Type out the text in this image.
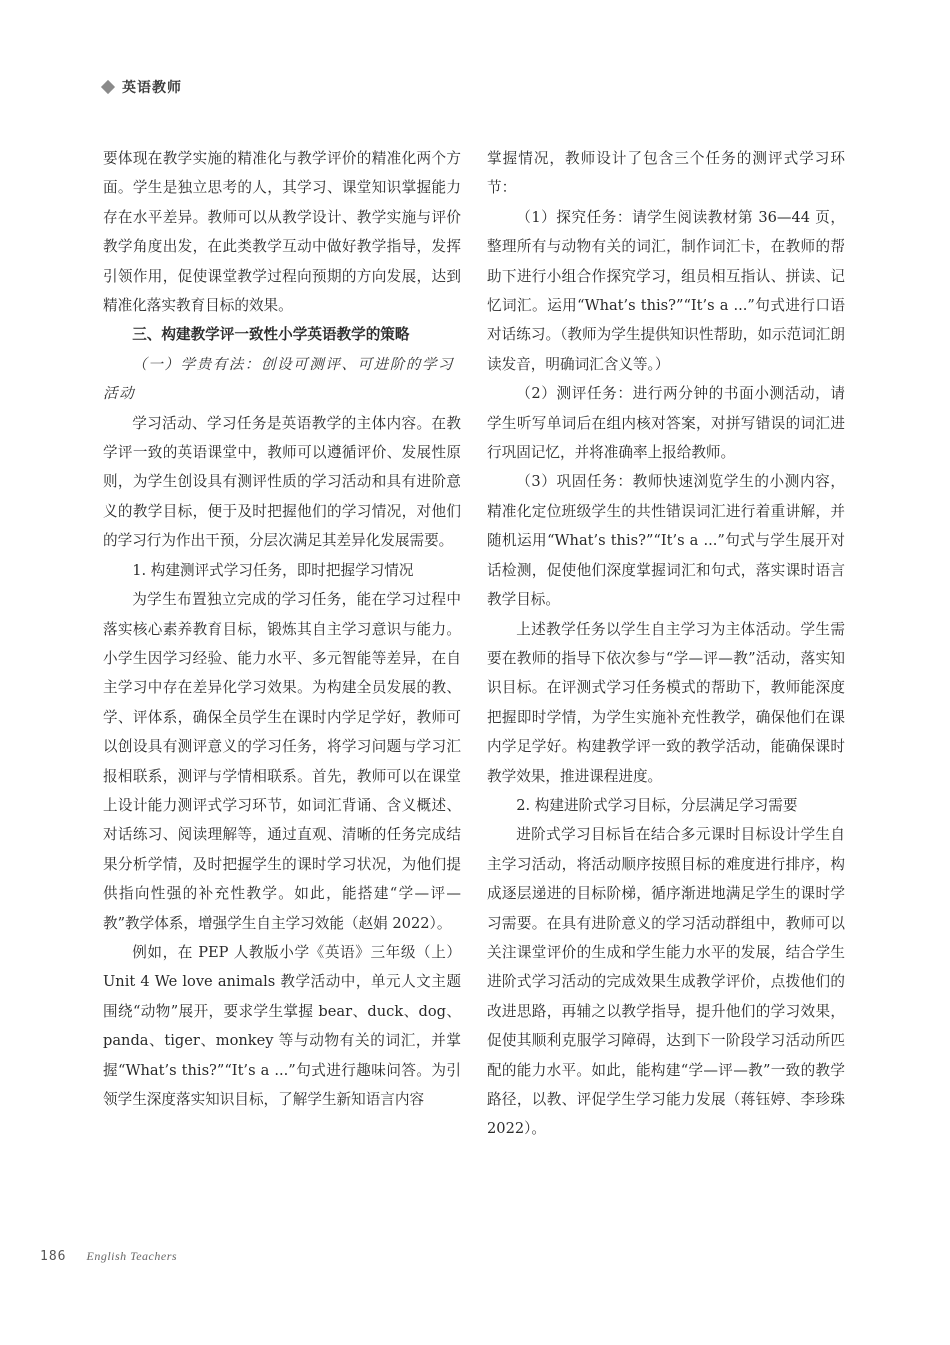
英语教师

要体现在教学实施的精准化与教学评价的精准化两个方面。学生是独立思考的人，其学习、课堂知识掌握能力存在水平差异。教师可以从教学设计、教学实施与评价教学角度出发，在此类教学互动中做好教学指导，发挥引领作用，促使课堂教学过程向预期的方向发展，达到精准化落实教育目标的效果。

三、构建教学评一致性小学英语教学的策略

（一）学贵有法：创设可测评、可进阶的学习活动

学习活动、学习任务是英语教学的主体内容。在教学评一致的英语课堂中，教师可以遵循评价、发展性原则，为学生创设具有测评性质的学习活动和具有进阶意义的教学目标，便于及时把握他们的学习情况，对他们的学习行为作出干预，分层次满足其差异化发展需要。

1. 构建测评式学习任务，即时把握学习情况

为学生布置独立完成的学习任务，能在学习过程中落实核心素养教育目标，锻炼其自主学习意识与能力。小学生因学习经验、能力水平、多元智能等差异，在自主学习中存在差异化学习效果。为构建全员发展的教、学、评体系，确保全员学生在课时内学足学好，教师可以创设具有测评意义的学习任务，将学习问题与学习汇报相联系，测评与学情相联系。首先，教师可以在课堂上设计能力测评式学习环节，如词汇背诵、含义概述、对话练习、阅读理解等，通过直观、清晰的任务完成结果分析学情，及时把握学生的课时学习状况，为他们提供指向性强的补充性教学。如此，能搭建“学—评—教”教学体系，增强学生自主学习效能（赵娟 2022）。

例如，在 PEP 人教版小学《英语》三年级（上）Unit 4 We love animals 教学活动中，单元人文主题围绕“动物”展开，要求学生掌握 bear、duck、dog、panda、tiger、monkey 等与动物有关的词汇，并掌握“What’s this?”“It’s a ...”句式进行趣味问答。为引领学生深度落实知识目标，了解学生新知语言内容

掌握情况，教师设计了包含三个任务的测评式学习环节：

（1）探究任务：请学生阅读教材第 36—44 页，整理所有与动物有关的词汇，制作词汇卡，在教师的帮助下进行小组合作探究学习，组员相互指认、拼读、记忆词汇。运用“What’s this?”“It’s a ...”句式进行口语对话练习。（教师为学生提供知识性帮助，如示范词汇朗读发音，明确词汇含义等。）

（2）测评任务：进行两分钟的书面小测活动，请学生听写单词后在组内核对答案，对拼写错误的词汇进行巩固记忆，并将准确率上报给教师。

（3）巩固任务：教师快速浏览学生的小测内容，精准化定位班级学生的共性错误词汇进行着重讲解，并随机运用“What’s this?”“It’s a ...”句式与学生展开对话检测，促使他们深度掌握词汇和句式，落实课时语言教学目标。

上述教学任务以学生自主学习为主体活动。学生需要在教师的指导下依次参与“学—评—教”活动，落实知识目标。在评测式学习任务模式的帮助下，教师能深度把握即时学情，为学生实施补充性教学，确保他们在课内学足学好。构建教学评一致的教学活动，能确保课时教学效果，推进课程进度。

2. 构建进阶式学习目标，分层满足学习需要

进阶式学习目标旨在结合多元课时目标设计学生自主学习活动，将活动顺序按照目标的难度进行排序，构成逐层递进的目标阶梯，循序渐进地满足学生的课时学习需要。在具有进阶意义的学习活动群组中，教师可以关注课堂评价的生成和学生能力水平的发展，结合学生进阶式学习活动的完成效果生成教学评价，点拨他们的改进思路，再辅之以教学指导，提升他们的学习效果，促使其顺利克服学习障碍，达到下一阶段学习活动所匹配的能力水平。如此，能构建“学—评—教”一致的教学路径，以教、评促学生学习能力发展（蒋钰婷、李珍珠 2022）。

186 English Teachers
